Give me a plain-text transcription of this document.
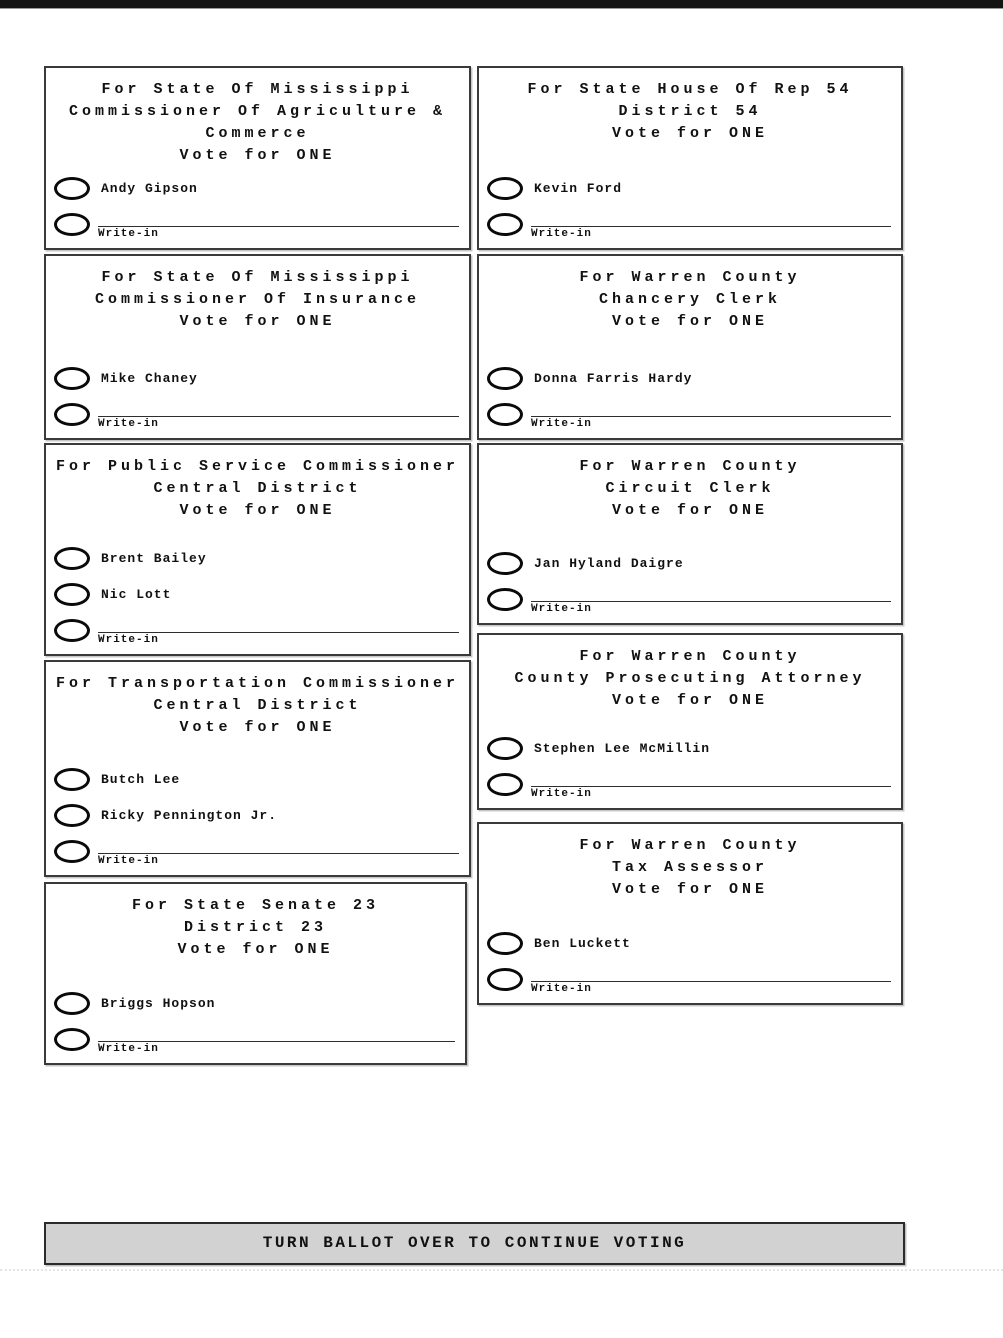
For State Of Mississippi
Commissioner Of Agriculture &
Commerce
Vote for ONE
Andy Gipson
Write-in
For State Of Mississippi
Commissioner Of Insurance
Vote for ONE
Mike Chaney
Write-in
For Public Service Commissioner
Central District
Vote for ONE
Brent Bailey
Nic Lott
Write-in
For Transportation Commissioner
Central District
Vote for ONE
Butch Lee
Ricky Pennington Jr.
Write-in
For State Senate 23
District 23
Vote for ONE
Briggs Hopson
Write-in
For State House Of Rep 54
District 54
Vote for ONE
Kevin Ford
Write-in
For Warren County
Chancery Clerk
Vote for ONE
Donna Farris Hardy
Write-in
For Warren County
Circuit Clerk
Vote for ONE
Jan Hyland Daigre
Write-in
For Warren County
County Prosecuting Attorney
Vote for ONE
Stephen Lee McMillin
Write-in
For Warren County
Tax Assessor
Vote for ONE
Ben Luckett
Write-in
TURN BALLOT OVER TO CONTINUE VOTING
